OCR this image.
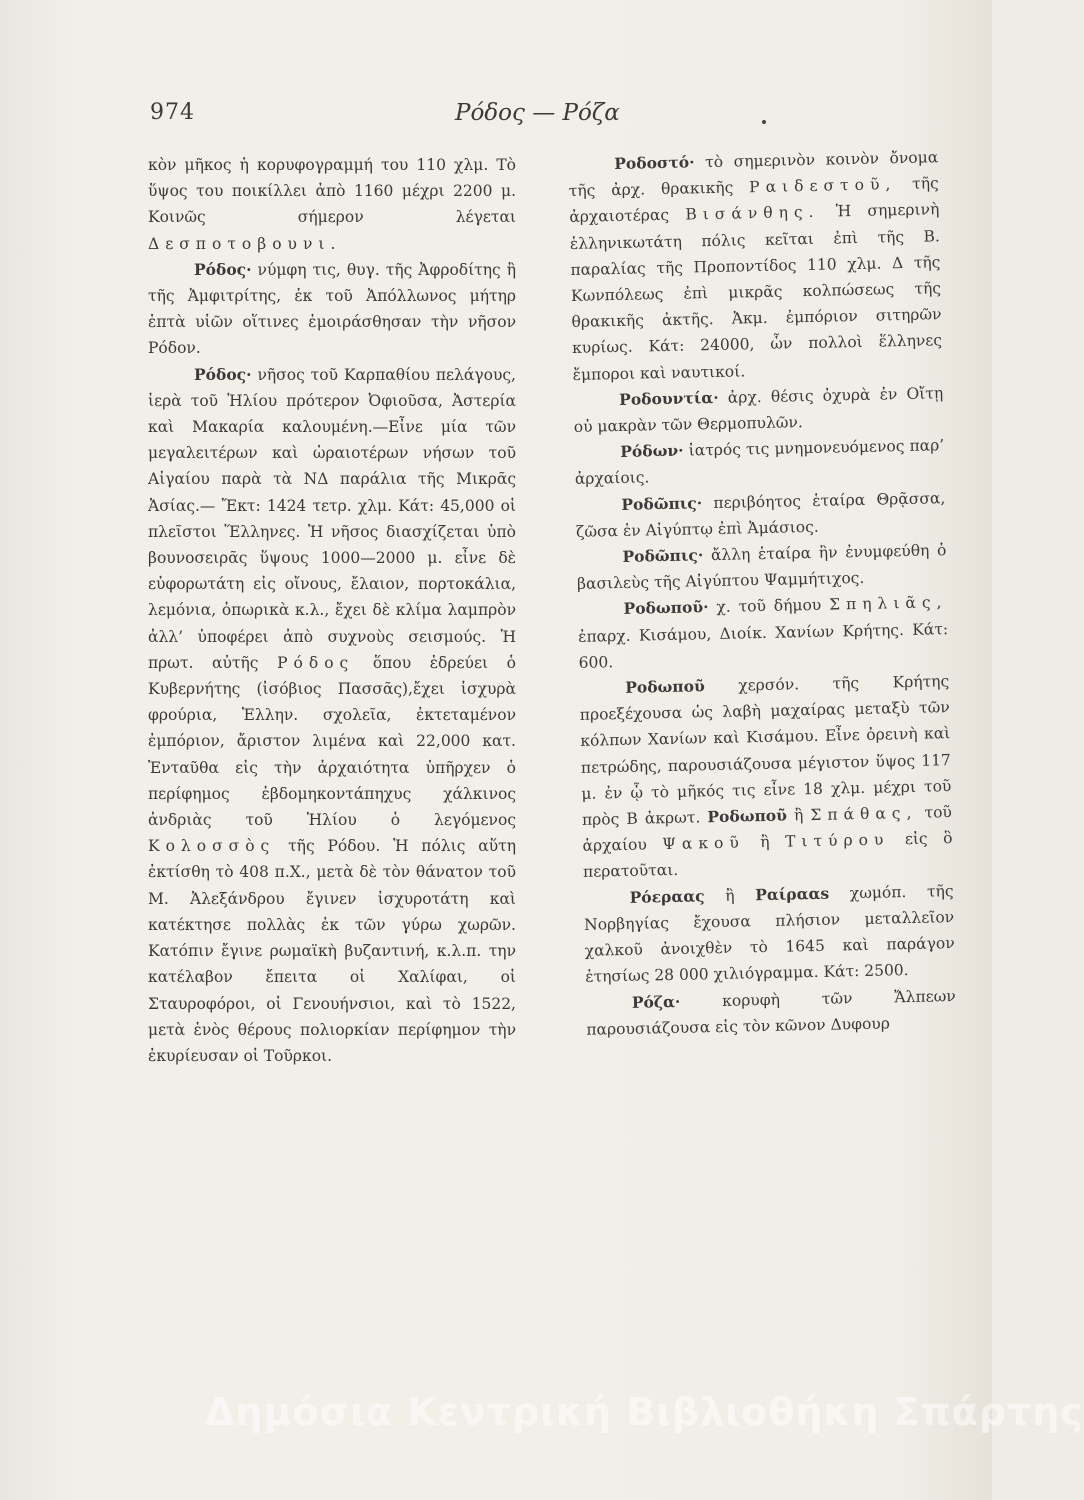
974	Ρόδος — Ρόζα

κὸν μῆκος ἡ κορυφογραμμή του 110 χλμ. Τὸ ὕψος του ποικίλλει ἀπὸ 1160 μέχρι 2200 μ. Κοινῶς σήμερον λέγεται Δεσποτοβουνι.

Ρόδος· νύμφη τις, θυγ. τῆς Ἀφροδίτης ἢ τῆς Ἀμφιτρίτης, ἐκ τοῦ Ἀπόλλωνος μήτηρ ἑπτὰ υἱῶν οἵτινες ἐμοιράσθησαν τὴν νῆσον Ρόδον.

Ρόδος· νῆσος τοῦ Καρπαθίου πελάγους, ἱερὰ τοῦ Ἡλίου πρότερον Ὀφιοῦσα, Ἀστερία καὶ Μακαρία καλουμένη.—Εἶνε μία τῶν μεγαλειτέρων καὶ ὡραιοτέρων νήσων τοῦ Αἰγαίου παρὰ τὰ ΝΔ παράλια τῆς Μικρᾶς Ἀσίας.— Ἔκτ: 1424 τετρ. χλμ. Κάτ: 45,000 οἱ πλεῖστοι Ἕλληνες. Ἡ νῆσος διασχίζεται ὑπὸ βουνοσειρᾶς ὕψους 1000—2000 μ. εἶνε δὲ εὐφορωτάτη εἰς οἴνους, ἔλαιον, πορτοκάλια, λεμόνια, ὀπωρικὰ κ.λ., ἔχει δὲ κλίμα λαμπρὸν ἀλλ’ ὑποφέρει ἀπὸ συχνοὺς σεισμούς. Ἡ πρωτ. αὐτῆς Ρόδος ὅπου ἑδρεύει ὁ Κυβερνήτης (ἰσόβιος Πασσᾶς),ἔχει ἰσχυρὰ φρούρια, Ἑλλην. σχολεῖα, ἐκτεταμένον ἐμπόριον, ἄριστον λιμένα καὶ 22,000 κατ. Ἐνταῦθα εἰς τὴν ἀρχαιότητα ὑπῆρχεν ὁ περίφημος ἑβδομηκοντάπηχυς χάλκινος ἀνδριὰς τοῦ Ἡλίου ὁ λεγόμενος Κολοσσὸς τῆς Ρόδου. Ἡ πόλις αὕτη ἐκτίσθη τὸ 408 π.Χ., μετὰ δὲ τὸν θάνατον τοῦ Μ. Ἀλεξάνδρου ἔγινεν ἰσχυροτάτη καὶ κατέκτησε πολλὰς ἐκ τῶν γύρω χωρῶν. Κατόπιν ἔγινε ρωμαϊκὴ βυζαντινή, κ.λ.π. την κατέλαβον ἔπειτα οἱ Χαλίφαι, οἱ Σταυροφόροι, οἱ Γενουήνσιοι, καὶ τὸ 1522, μετὰ ἑνὸς θέρους πολιορκίαν περίφημον τὴν ἐκυρίευσαν οἱ Τοῦρκοι.

Ροδοστό· τὸ σημερινὸν κοινὸν ὄνομα τῆς ἀρχ. θρακικῆς Ραιδεστοῦ, τῆς ἀρχαιοτέρας Βισάνθης. Ἡ σημερινὴ ἑλληνικωτάτη πόλις κεῖται ἐπὶ τῆς Β. παραλίας τῆς Προποντίδος 110 χλμ. Δ τῆς Κωνπόλεως ἐπὶ μικρᾶς κολπώσεως τῆς θρακικῆς ἀκτῆς. Ἀκμ. ἐμπόριον σιτηρῶν κυρίως. Κάτ: 24000, ὧν πολλοὶ ἕλληνες ἔμποροι καὶ ναυτικοί.

Ροδουντία· ἀρχ. θέσις ὀχυρὰ ἐν Οἴτῃ οὐ μακρὰν τῶν Θερμοπυλῶν.

Ρόδων· ἰατρός τις μνημονευόμενος παρ’ ἀρχαίοις.

Ροδῶπις· περιβόητος ἑταίρα Θρᾷσσα, ζῶσα ἐν Αἰγύπτῳ ἐπὶ Ἀμάσιος.

Ροδῶπις· ἄλλη ἑταίρα ἣν ἐνυμφεύθη ὁ βασιλεὺς τῆς Αἰγύπτου Ψαμμήτιχος.

Ροδωποῦ· χ. τοῦ δήμου Σπηλιᾶς, ἐπαρχ. Κισάμου, Διοίκ. Χανίων Κρήτης. Κάτ: 600.

Ροδωποῦ χερσόν. τῆς Κρήτης προεξέχουσα ὡς λαβὴ μαχαίρας μεταξὺ τῶν κόλπων Χανίων καὶ Κισάμου. Εἶνε ὀρεινὴ καὶ πετρώδης, παρουσιάζουσα μέγιστον ὕψος 117 μ. ἐν ᾧ τὸ μῆκός τις εἶνε 18 χλμ. μέχρι τοῦ πρὸς Β ἀκρωτ. Ροδωποῦ ἢ Σπάθας, τοῦ ἀρχαίου Ψακοῦ ἢ Τιτύρου εἰς ὃ περατοῦται.

Ρόεραας ἢ Ραίρααs χωμόπ. τῆς Νορβηγίας ἔχουσα πλήσιον μεταλλεῖον χαλκοῦ ἀνοιχθὲν τὸ 1645 καὶ παράγον ἐτησίως 28 000 χιλιόγραμμα. Κάτ: 2500.

Ρόζα·	κορυφὴ τῶν Ἄλπεων παρουσιάζουσα εἰς τὸν κῶνον Δυφουρ

Δημόσια Κεντρική Βιβλιοθήκη Σπάρτης
